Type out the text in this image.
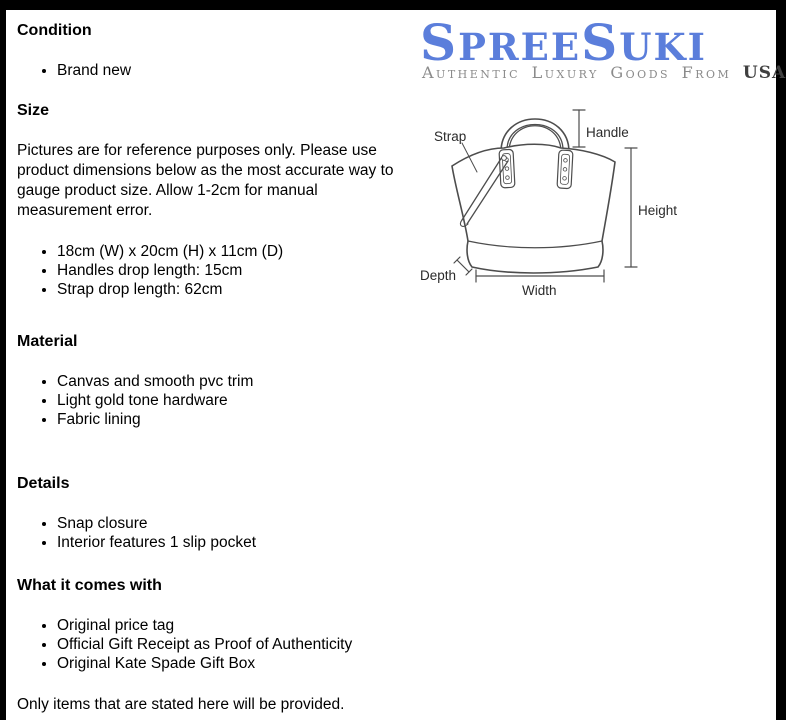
Condition
• Brand new
Size
Pictures are for reference purposes only. Please use
product dimensions below as the most accurate way to
gauge product size. Allow 1-2cm for manual
measurement error.
• 18cm (W) x 20cm (H) x 11cm (D)
• Handles drop length: 15cm
• Strap drop length: 62cm
Material
• Canvas and smooth pvc trim
• Light gold tone hardware
• Fabric lining
Details
• Snap closure
• Interior features 1 slip pocket
What it comes with
• Original price tag
• Official Gift Receipt as Proof of Authenticity
• Original Kate Spade Gift Box

Only items that are stated here will be provided.

SPREESUKI
Authentic Luxury Goods From USA
Strap	Handle
Height
Depth
Width
